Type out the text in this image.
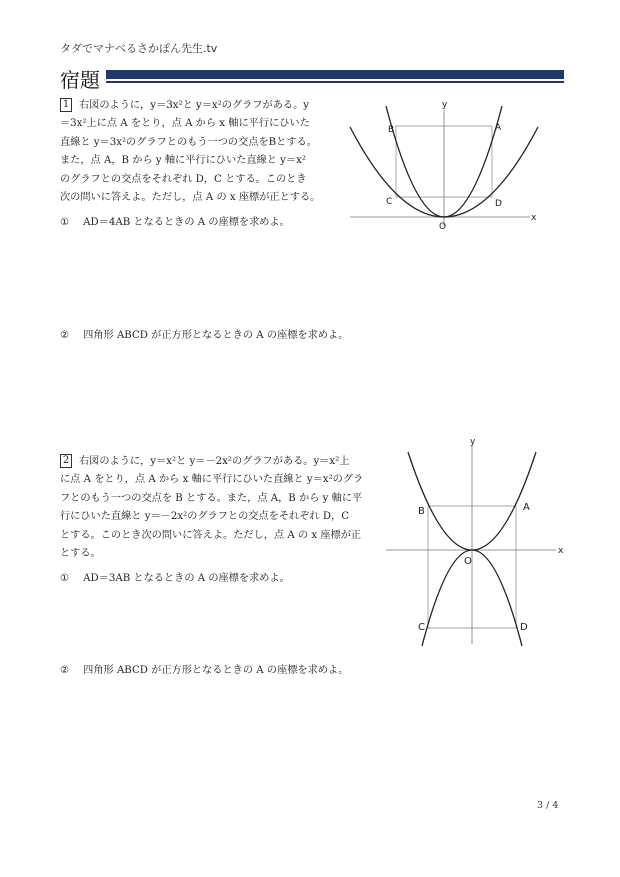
タダでマナべるさかぽん先生.tv
宿題
1 右図のように，y＝3x²と y＝x²のグラフがある。y
＝3x²上に点 A をとり，点 A から x 軸に平行にひいた
直線と y＝3x²のグラフとのもう一つの交点をBとする。
また，点 A，B から y 軸に平行にひいた直線と y＝x²
のグラフとの交点をそれぞれ D，C とする。このとき
次の問いに答えよ。ただし，点 A の x 座標が正とする。
① AD＝4AB となるときの A の座標を求めよ。
② 四角形 ABCD が正方形となるときの A の座標を求めよ。
y
x
O
A
B
C	D
2 右図のように，y＝x²と y＝－2x²のグラフがある。y＝x²上
に点 A をとり，点 A から x 軸に平行にひいた直線と y＝x²のグラ
フとのもう一つの交点を B とする。また，点 A，B から y 軸に平
行にひいた直線と y＝－2x²のグラフとの交点をそれぞれ D，C
とする。このとき次の問いに答えよ。ただし，点 A の x 座標が正
とする。
① AD＝3AB となるときの A の座標を求めよ。
② 四角形 ABCD が正方形となるときの A の座標を求めよ。
y
x
O
A
B
C	D
3 / 4
